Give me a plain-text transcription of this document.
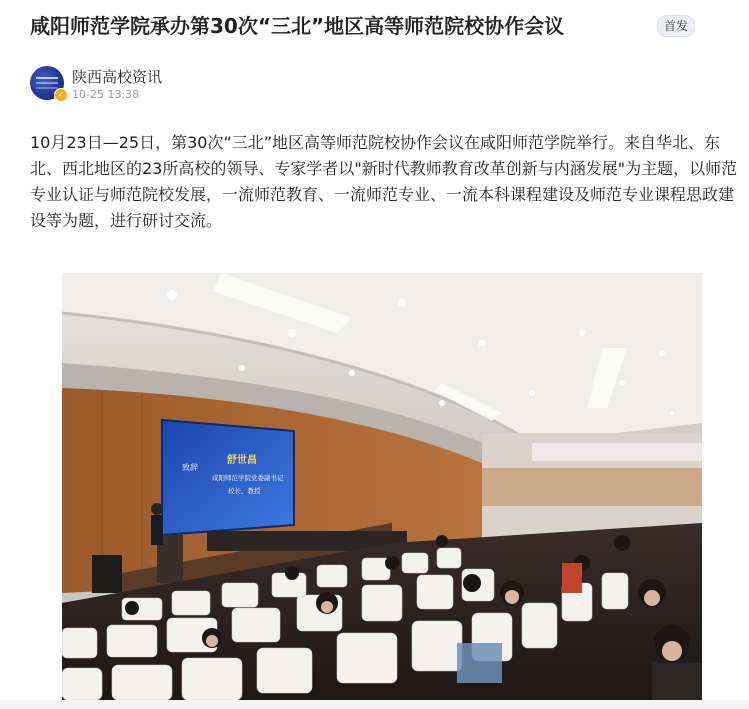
咸阳师范学院承办第30次“三北”地区高等师范院校协作会议	首发
✓
陕西高校资讯
10-25 13:38

10月23日—25日，第30次“三北”地区高等师范院校协作会议在咸阳师范学院举行。来自华北、东北、西北地区的23所高校的领导、专家学者以"新时代教师教育改革创新与内涵发展"为主题，以师范专业认证与师范院校发展，一流师范教育、一流师范专业、一流本科课程建设及师范专业课程思政建设等为题，进行研讨交流。

致辞
舒世昌
咸阳师范学院党委副书记
校长、教授
